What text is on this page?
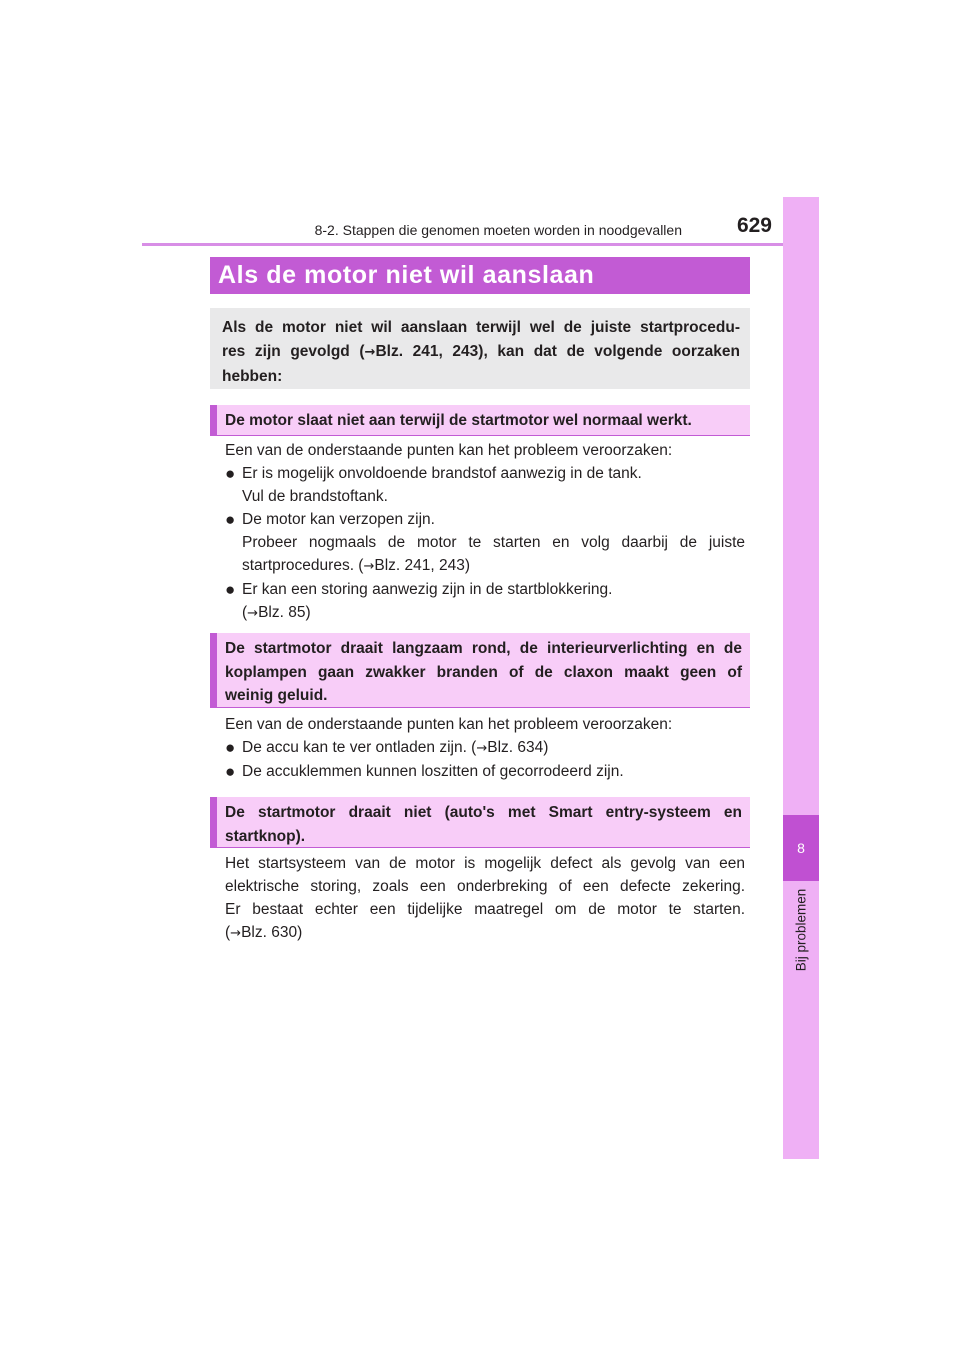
8-2. Stappen die genomen moeten worden in noodgevallen	629
8
Bij problemen
Als de motor niet wil aanslaan
Als de motor niet wil aanslaan terwijl wel de juiste startprocedu-
res zijn gevolgd (→Blz. 241, 243), kan dat de volgende oorzaken
hebben:
De motor slaat niet aan terwijl de startmotor wel normaal werkt.
Een van de onderstaande punten kan het probleem veroorzaken:
● Er is mogelijk onvoldoende brandstof aanwezig in de tank.
Vul de brandstoftank.
● De motor kan verzopen zijn.
Probeer nogmaals de motor te starten en volg daarbij de juiste
startprocedures. (→Blz. 241, 243)
● Er kan een storing aanwezig zijn in de startblokkering.
(→Blz. 85)
De startmotor draait langzaam rond, de interieurverlichting en de
koplampen gaan zwakker branden of de claxon maakt geen of
weinig geluid.
Een van de onderstaande punten kan het probleem veroorzaken:
● De accu kan te ver ontladen zijn. (→Blz. 634)
● De accuklemmen kunnen loszitten of gecorrodeerd zijn.
De startmotor draait niet (auto's met Smart entry-systeem en
startknop).
Het startsysteem van de motor is mogelijk defect als gevolg van een
elektrische storing, zoals een onderbreking of een defecte zekering.
Er bestaat echter een tijdelijke maatregel om de motor te starten.
(→Blz. 630)
